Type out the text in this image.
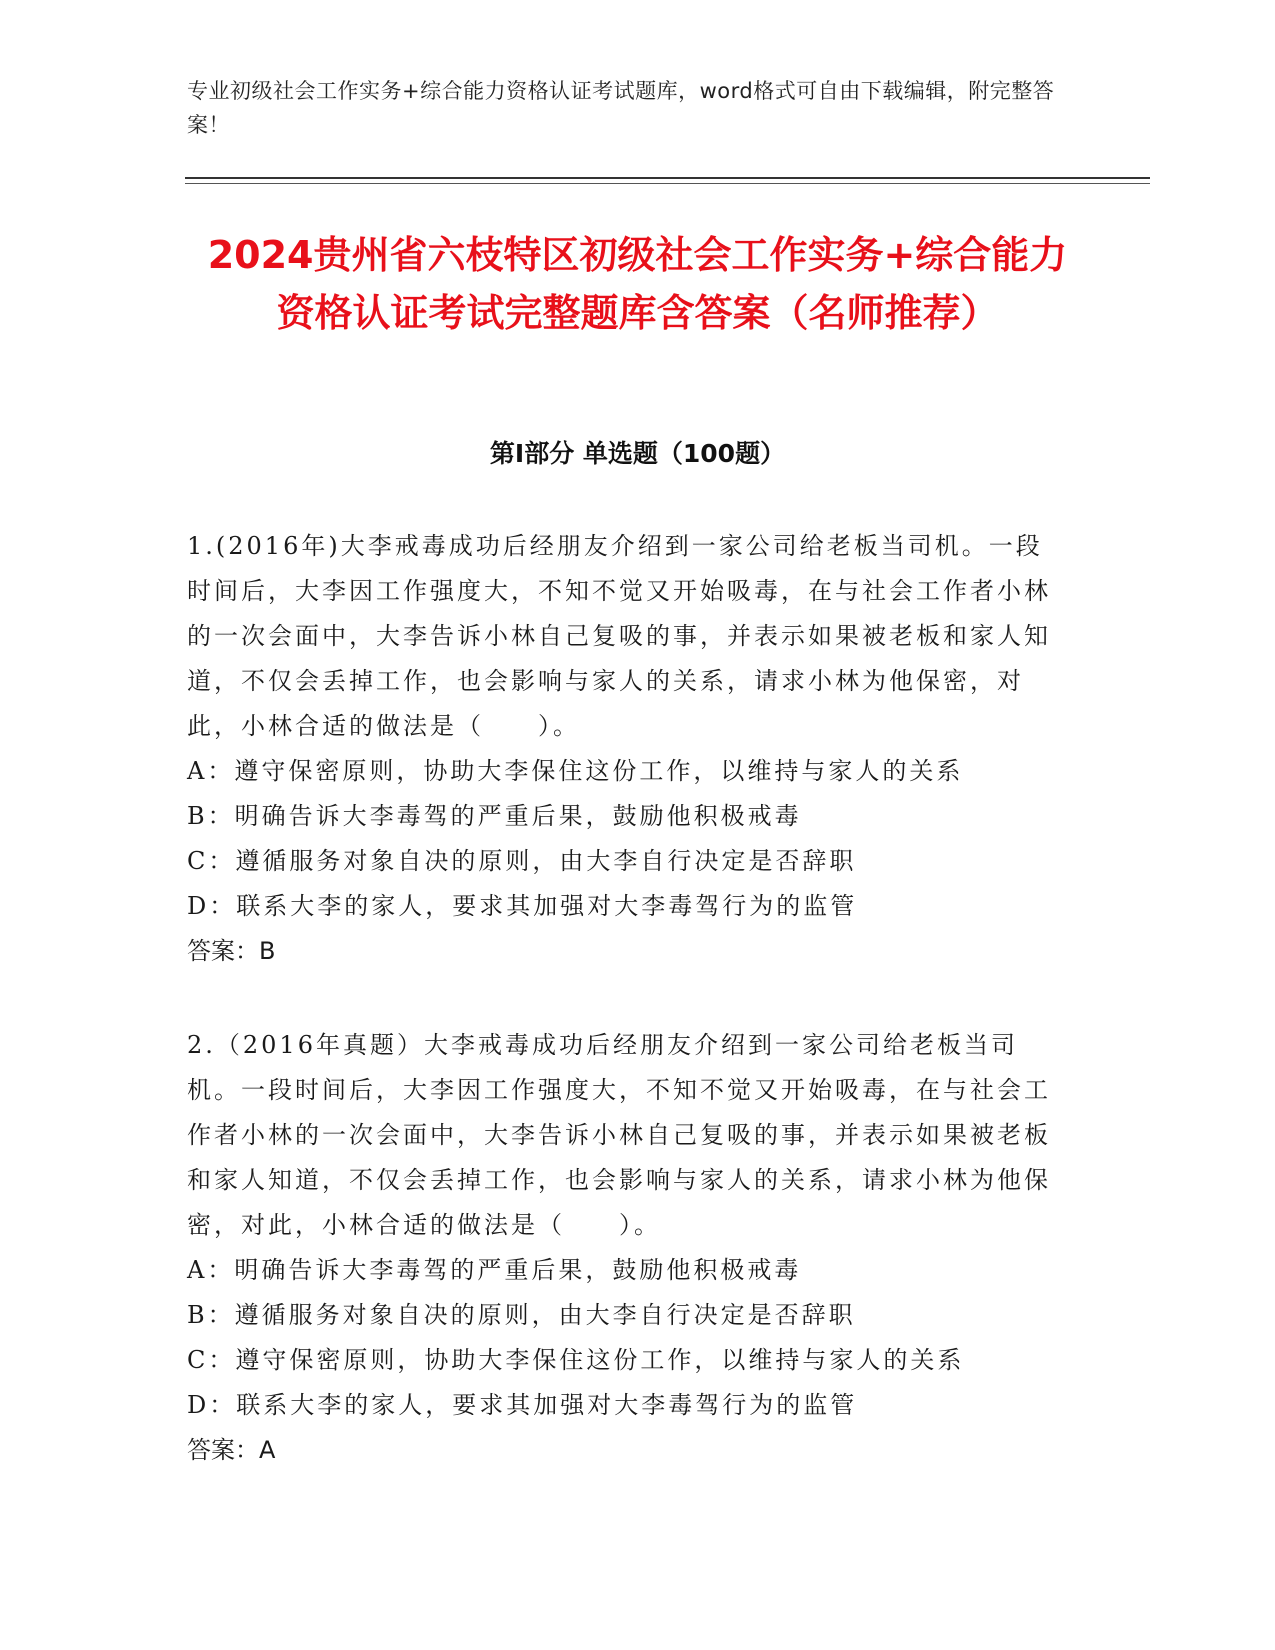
专业初级社会工作实务+综合能力资格认证考试题库，word格式可自由下载编辑，附完整答案！
2024贵州省六枝特区初级社会工作实务+综合能力资格认证考试完整题库含答案（名师推荐）
第I部分 单选题（100题）

1.(2016年)大李戒毒成功后经朋友介绍到一家公司给老板当司机。一段时间后，大李因工作强度大，不知不觉又开始吸毒，在与社会工作者小林的一次会面中，大李告诉小林自己复吸的事，并表示如果被老板和家人知道，不仅会丢掉工作，也会影响与家人的关系，请求小林为他保密，对此，小林合适的做法是（　　）。

A：遵守保密原则，协助大李保住这份工作，以维持与家人的关系

B：明确告诉大李毒驾的严重后果，鼓励他积极戒毒

C：遵循服务对象自决的原则，由大李自行决定是否辞职

D：联系大李的家人，要求其加强对大李毒驾行为的监管

答案：B

2.（2016年真题）大李戒毒成功后经朋友介绍到一家公司给老板当司机。一段时间后，大李因工作强度大，不知不觉又开始吸毒，在与社会工作者小林的一次会面中，大李告诉小林自己复吸的事，并表示如果被老板和家人知道，不仅会丢掉工作，也会影响与家人的关系，请求小林为他保密，对此，小林合适的做法是（　　）。

A：明确告诉大李毒驾的严重后果，鼓励他积极戒毒

B：遵循服务对象自决的原则，由大李自行决定是否辞职

C：遵守保密原则，协助大李保住这份工作，以维持与家人的关系

D：联系大李的家人，要求其加强对大李毒驾行为的监管

答案：A
